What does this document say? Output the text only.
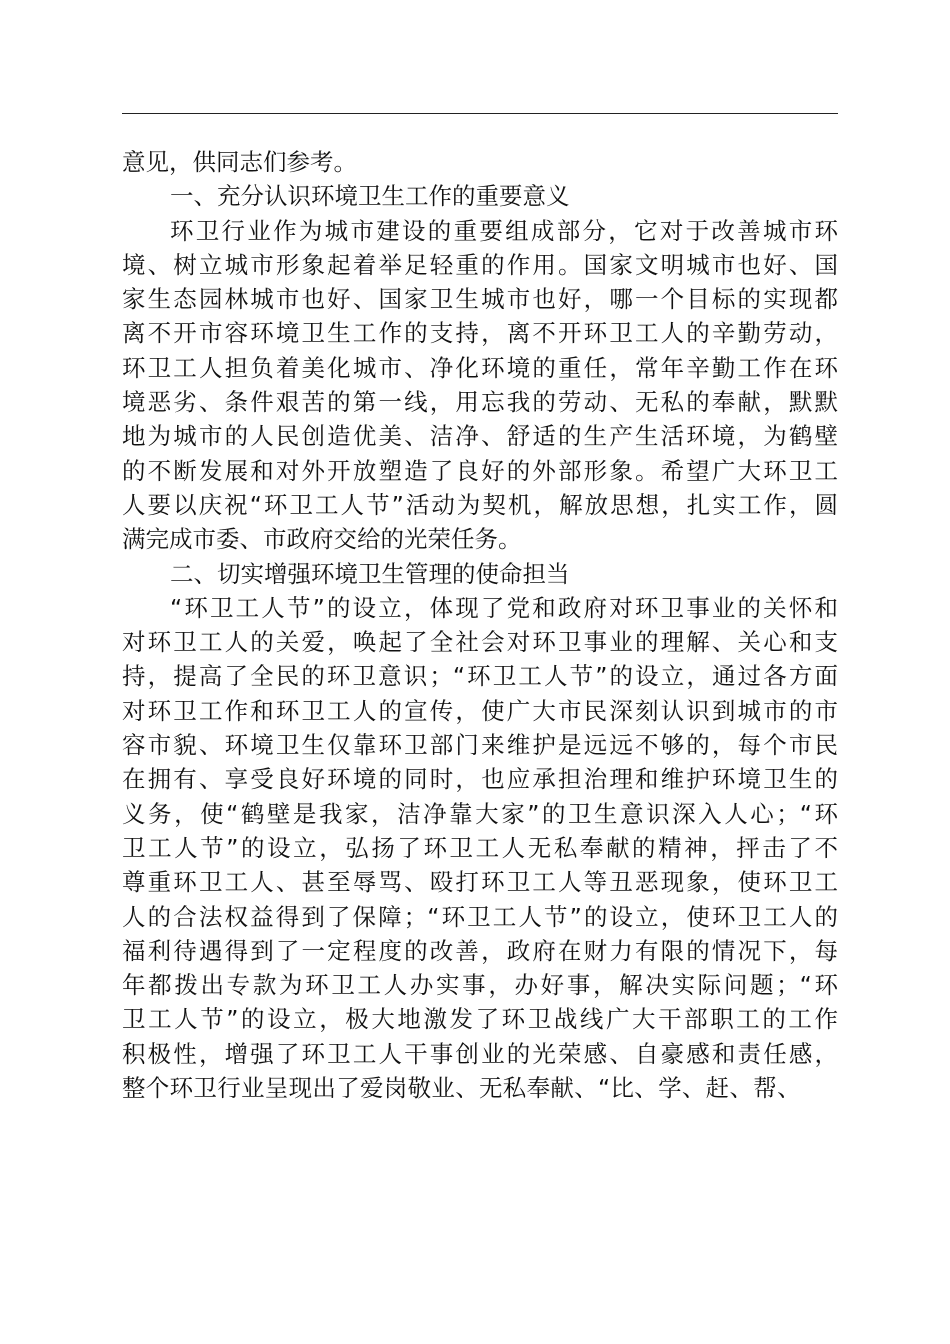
意见，供同志们参考。
一、充分认识环境卫生工作的重要意义
环卫行业作为城市建设的重要组成部分，它对于改善城市环
境、树立城市形象起着举足轻重的作用。国家文明城市也好、国
家生态园林城市也好、国家卫生城市也好，哪一个目标的实现都
离不开市容环境卫生工作的支持，离不开环卫工人的辛勤劳动，
环卫工人担负着美化城市、净化环境的重任，常年辛勤工作在环
境恶劣、条件艰苦的第一线，用忘我的劳动、无私的奉献，默默
地为城市的人民创造优美、洁净、舒适的生产生活环境，为鹤壁
的不断发展和对外开放塑造了良好的外部形象。希望广大环卫工
人要以庆祝“环卫工人节”活动为契机，解放思想，扎实工作，圆
满完成市委、市政府交给的光荣任务。
二、切实增强环境卫生管理的使命担当
“环卫工人节”的设立，体现了党和政府对环卫事业的关怀和
对环卫工人的关爱，唤起了全社会对环卫事业的理解、关心和支
持，提高了全民的环卫意识；“环卫工人节”的设立，通过各方面
对环卫工作和环卫工人的宣传，使广大市民深刻认识到城市的市
容市貌、环境卫生仅靠环卫部门来维护是远远不够的，每个市民
在拥有、享受良好环境的同时，也应承担治理和维护环境卫生的
义务，使“鹤壁是我家，洁净靠大家”的卫生意识深入人心；“环
卫工人节”的设立，弘扬了环卫工人无私奉献的精神，抨击了不
尊重环卫工人、甚至辱骂、殴打环卫工人等丑恶现象，使环卫工
人的合法权益得到了保障；“环卫工人节”的设立，使环卫工人的
福利待遇得到了一定程度的改善，政府在财力有限的情况下，每
年都拨出专款为环卫工人办实事，办好事，解决实际问题；“环
卫工人节”的设立，极大地激发了环卫战线广大干部职工的工作
积极性，增强了环卫工人干事创业的光荣感、自豪感和责任感，
整个环卫行业呈现出了爱岗敬业、无私奉献、“比、学、赶、帮、
